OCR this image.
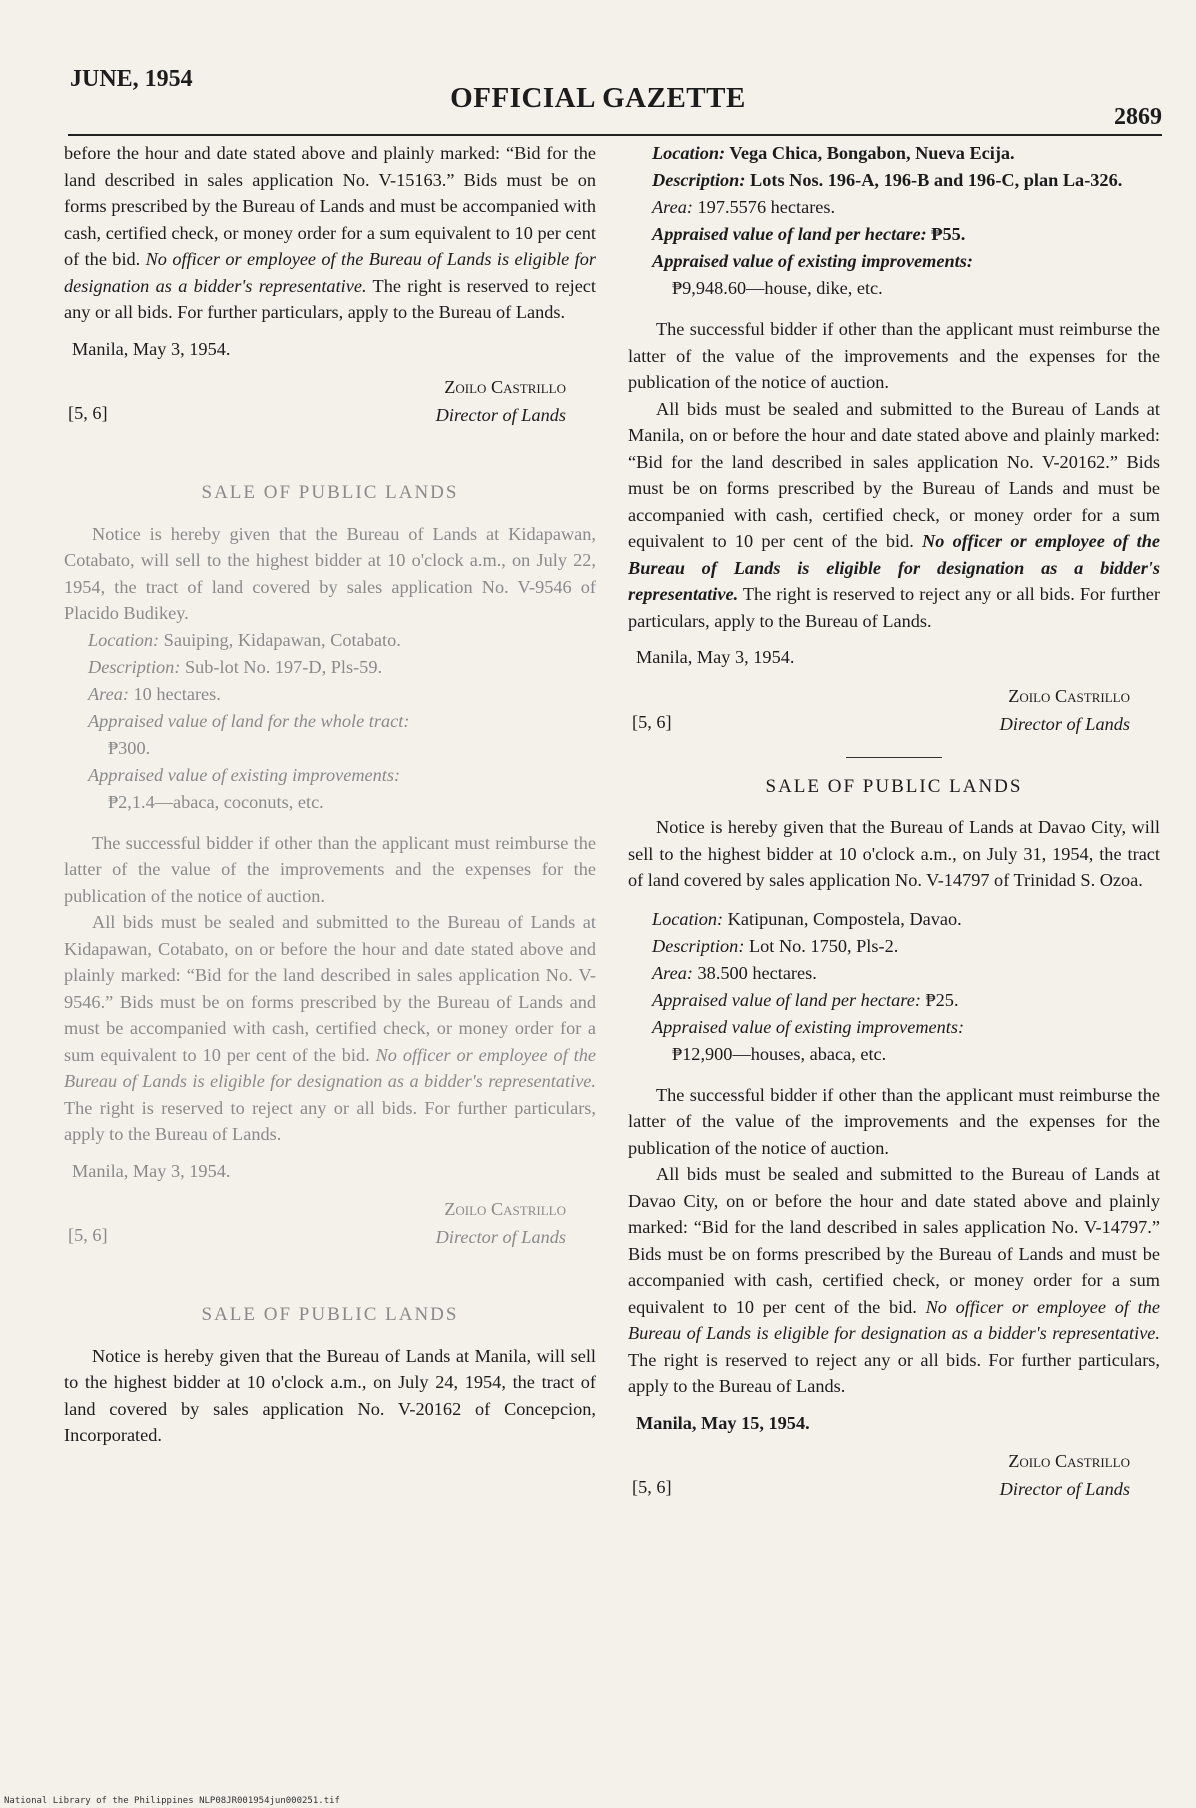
JUNE, 1954
OFFICIAL GAZETTE
2869

before the hour and date stated above and plainly marked: “Bid for the land described in sales application No. V-15163.” Bids must be on forms prescribed by the Bureau of Lands and must be accompanied with cash, certified check, or money order for a sum equivalent to 10 per cent of the bid. No officer or employee of the Bureau of Lands is eligible for designation as a bidder's representative. The right is reserved to reject any or all bids. For further particulars, apply to the Bureau of Lands.

Manila, May 3, 1954.
[5, 6]
Zoilo Castrillo
Director of Lands
SALE OF PUBLIC LANDS

Notice is hereby given that the Bureau of Lands at Kidapawan, Cotabato, will sell to the highest bidder at 10 o'clock a.m., on July 22, 1954, the tract of land covered by sales application No. V-9546 of Placido Budikey.

Location: Sauiping, Kidapawan, Cotabato.
Description: Sub-lot No. 197-D, Pls-59.
Area: 10 hectares.
Appraised value of land for the whole tract:
₱300.
Appraised value of existing improvements:
₱2,1.4—abaca, coconuts, etc.

The successful bidder if other than the applicant must reimburse the latter of the value of the improvements and the expenses for the publication of the notice of auction.

All bids must be sealed and submitted to the Bureau of Lands at Kidapawan, Cotabato, on or before the hour and date stated above and plainly marked: “Bid for the land described in sales application No. V-9546.” Bids must be on forms prescribed by the Bureau of Lands and must be accompanied with cash, certified check, or money order for a sum equivalent to 10 per cent of the bid. No officer or employee of the Bureau of Lands is eligible for designation as a bidder's representative. The right is reserved to reject any or all bids. For further particulars, apply to the Bureau of Lands.

Manila, May 3, 1954.
[5, 6]
Zoilo Castrillo
Director of Lands
SALE OF PUBLIC LANDS

Notice is hereby given that the Bureau of Lands at Manila, will sell to the highest bidder at 10 o'clock a.m., on July 24, 1954, the tract of land covered by sales application No. V-20162 of Concepcion, Incorporated.

Location: Vega Chica, Bongabon, Nueva Ecija.
Description: Lots Nos. 196-A, 196-B and 196-C, plan La-326.
Area: 197.5576 hectares.
Appraised value of land per hectare: ₱55.
Appraised value of existing improvements:
₱9,948.60—house, dike, etc.

The successful bidder if other than the applicant must reimburse the latter of the value of the improvements and the expenses for the publication of the notice of auction.

All bids must be sealed and submitted to the Bureau of Lands at Manila, on or before the hour and date stated above and plainly marked: “Bid for the land described in sales application No. V-20162.” Bids must be on forms prescribed by the Bureau of Lands and must be accompanied with cash, certified check, or money order for a sum equivalent to 10 per cent of the bid. No officer or employee of the Bureau of Lands is eligible for designation as a bidder's representative. The right is reserved to reject any or all bids. For further particulars, apply to the Bureau of Lands.

Manila, May 3, 1954.
[5, 6]
Zoilo Castrillo
Director of Lands
SALE OF PUBLIC LANDS

Notice is hereby given that the Bureau of Lands at Davao City, will sell to the highest bidder at 10 o'clock a.m., on July 31, 1954, the tract of land covered by sales application No. V-14797 of Trinidad S. Ozoa.

Location: Katipunan, Compostela, Davao.
Description: Lot No. 1750, Pls-2.
Area: 38.500 hectares.
Appraised value of land per hectare: ₱25.
Appraised value of existing improvements:
₱12,900—houses, abaca, etc.

The successful bidder if other than the applicant must reimburse the latter of the value of the improvements and the expenses for the publication of the notice of auction.

All bids must be sealed and submitted to the Bureau of Lands at Davao City, on or before the hour and date stated above and plainly marked: “Bid for the land described in sales application No. V-14797.” Bids must be on forms prescribed by the Bureau of Lands and must be accompanied with cash, certified check, or money order for a sum equivalent to 10 per cent of the bid. No officer or employee of the Bureau of Lands is eligible for designation as a bidder's representative. The right is reserved to reject any or all bids. For further particulars, apply to the Bureau of Lands.

Manila, May 15, 1954.
[5, 6]
Zoilo Castrillo
Director of Lands
National Library of the Philippines NLP08JR001954jun000251.tif
